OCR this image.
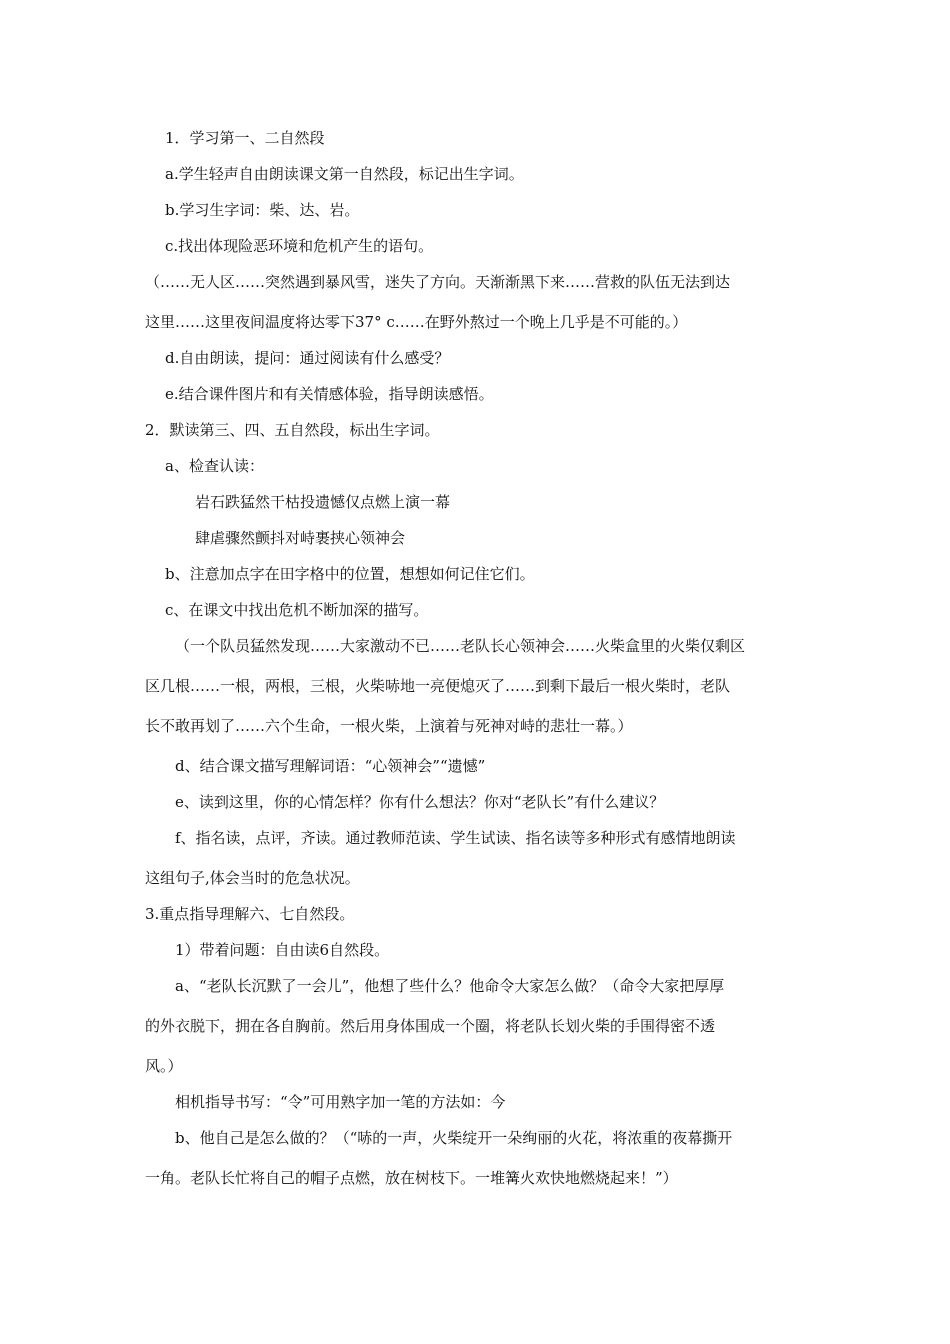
1．学习第一、二自然段
a.学生轻声自由朗读课文第一自然段，标记出生字词。
b.学习生字词：柴、达、岩。
c.找出体现险恶环境和危机产生的语句。
（……无人区……突然遇到暴风雪，迷失了方向。天渐渐黑下来……营救的队伍无法到达
这里……这里夜间温度将达零下37° c……在野外熬过一个晚上几乎是不可能的。）
d.自由朗读，提问：通过阅读有什么感受？
e.结合课件图片和有关情感体验，指导朗读感悟。
2．默读第三、四、五自然段，标出生字词。
a、检查认读：
岩石跌猛然干枯投遗憾仅点燃上演一幕
肆虐骤然颤抖对峙裹挟心领神会
b、注意加点字在田字格中的位置，想想如何记住它们。
c、在课文中找出危机不断加深的描写。
（一个队员猛然发现……大家激动不已……老队长心领神会……火柴盒里的火柴仅剩区
区几根……一根，两根，三根，火柴哧地一亮便熄灭了……到剩下最后一根火柴时，老队
长不敢再划了……六个生命，一根火柴，上演着与死神对峙的悲壮一幕。）
d、结合课文描写理解词语：“心领神会”“遗憾”
e、读到这里，你的心情怎样？你有什么想法？你对“老队长”有什么建议？
f、指名读，点评，齐读。通过教师范读、学生试读、指名读等多种形式有感情地朗读
这组句子,体会当时的危急状况。
3.重点指导理解六、七自然段。
1）带着问题：自由读6自然段。
a、“老队长沉默了一会儿”，他想了些什么？他命令大家怎么做？（命令大家把厚厚
的外衣脱下，拥在各自胸前。然后用身体围成一个圈，将老队长划火柴的手围得密不透
风。）
相机指导书写：“令”可用熟字加一笔的方法如：今
b、他自己是怎么做的？（“哧的一声，火柴绽开一朵绚丽的火花，将浓重的夜幕撕开
一角。老队长忙将自己的帽子点燃，放在树枝下。一堆篝火欢快地燃烧起来！”）
